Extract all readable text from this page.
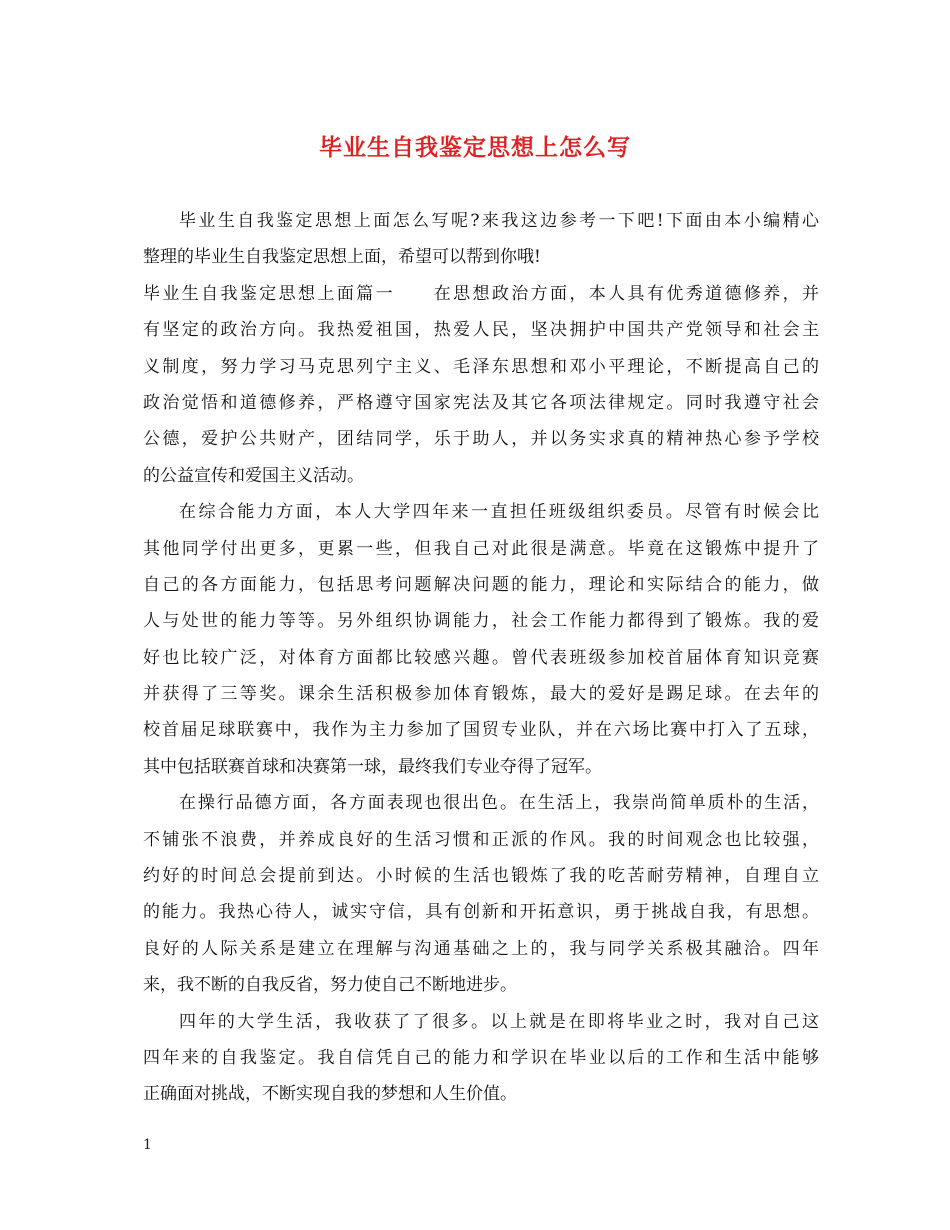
毕业生自我鉴定思想上怎么写
毕业生自我鉴定思想上面怎么写呢?来我这边参考一下吧!下面由本小编精心
整理的毕业生自我鉴定思想上面，希望可以帮到你哦!
毕业生自我鉴定思想上面篇一　　在思想政治方面，本人具有优秀道德修养，并
有坚定的政治方向。我热爱祖国，热爱人民，坚决拥护中国共产党领导和社会主
义制度，努力学习马克思列宁主义、毛泽东思想和邓小平理论，不断提高自己的
政治觉悟和道德修养，严格遵守国家宪法及其它各项法律规定。同时我遵守社会
公德，爱护公共财产，团结同学，乐于助人，并以务实求真的精神热心参予学校
的公益宣传和爱国主义活动。
在综合能力方面，本人大学四年来一直担任班级组织委员。尽管有时候会比
其他同学付出更多，更累一些，但我自己对此很是满意。毕竟在这锻炼中提升了
自己的各方面能力，包括思考问题解决问题的能力，理论和实际结合的能力，做
人与处世的能力等等。另外组织协调能力，社会工作能力都得到了锻炼。我的爱
好也比较广泛，对体育方面都比较感兴趣。曾代表班级参加校首届体育知识竞赛
并获得了三等奖。课余生活积极参加体育锻炼，最大的爱好是踢足球。在去年的
校首届足球联赛中，我作为主力参加了国贸专业队，并在六场比赛中打入了五球，
其中包括联赛首球和决赛第一球，最终我们专业夺得了冠军。
在操行品德方面，各方面表现也很出色。在生活上，我崇尚简单质朴的生活，
不铺张不浪费，并养成良好的生活习惯和正派的作风。我的时间观念也比较强，
约好的时间总会提前到达。小时候的生活也锻炼了我的吃苦耐劳精神，自理自立
的能力。我热心待人，诚实守信，具有创新和开拓意识，勇于挑战自我，有思想。
良好的人际关系是建立在理解与沟通基础之上的，我与同学关系极其融洽。四年
来，我不断的自我反省，努力使自己不断地进步。
四年的大学生活，我收获了了很多。以上就是在即将毕业之时，我对自己这
四年来的自我鉴定。我自信凭自己的能力和学识在毕业以后的工作和生活中能够
正确面对挑战，不断实现自我的梦想和人生价值。
1
